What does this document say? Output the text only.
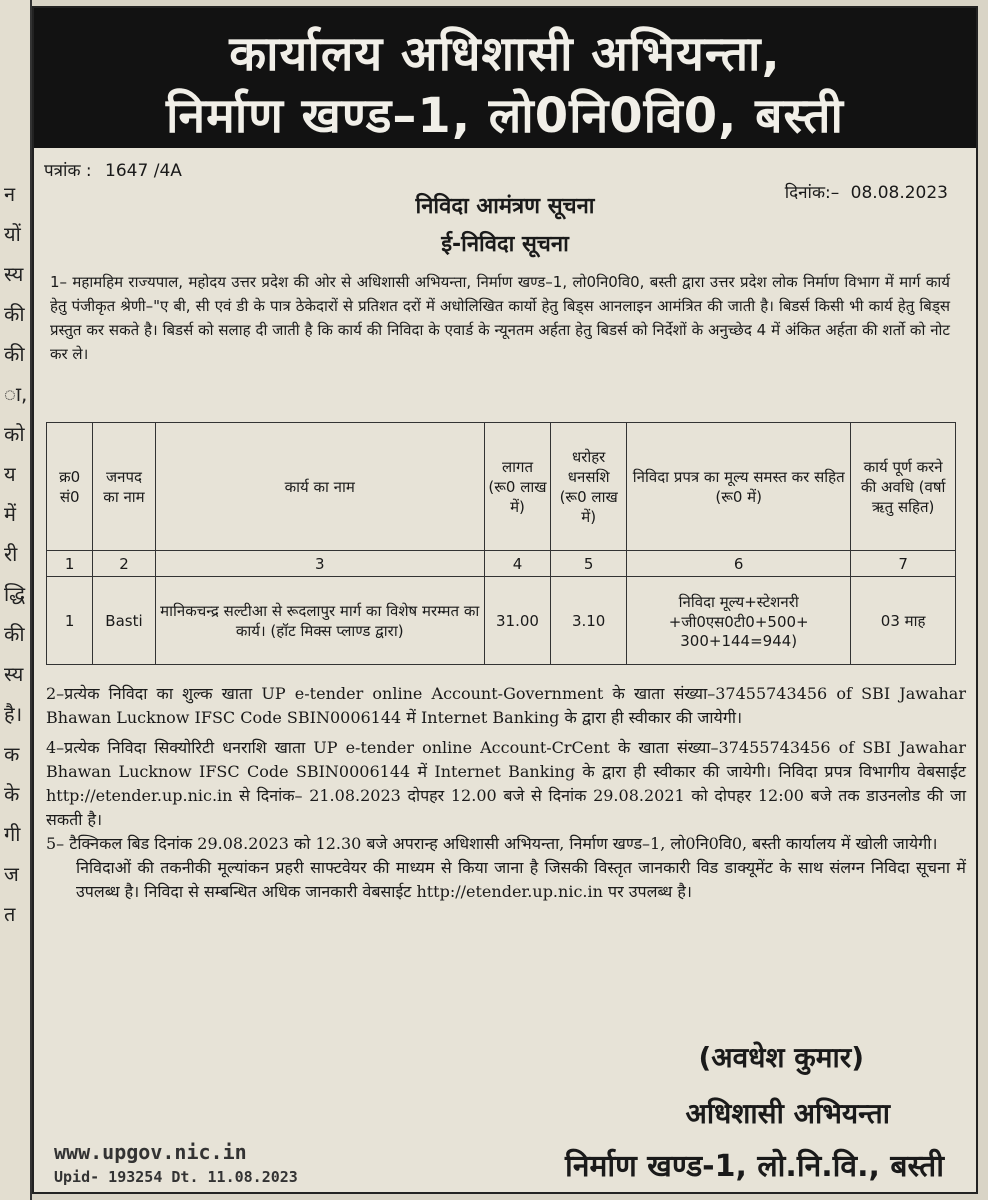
न
यों
स्य
की
की
ा,
को
य
में
री
द्धि
की
स्य
है।
क
के
गी
ज
त
कार्यालय अधिशासी अभियन्ता,
निर्माण खण्ड–1, लो0नि0वि0, बस्ती
पत्रांक : 1647 /4A
दिनांक:– 08.08.2023
निविदा आमंत्रण सूचना
ई-निविदा सूचना

1– महामहिम राज्यपाल, महोदय उत्तर प्रदेश की ओर से अधिशासी अभियन्ता, निर्माण खण्ड–1, लो0नि0वि0, बस्ती द्वारा उत्तर प्रदेश लोक निर्माण विभाग में मार्ग कार्य हेतु पंजीकृत श्रेणी–"ए बी, सी एवं डी के पात्र ठेकेदारों से प्रतिशत दरों में अधोलिखित कार्यो हेतु बिड्स आनलाइन आमंत्रित की जाती है। बिडर्स किसी भी कार्य हेतु बिड्स प्रस्तुत कर सकते है। बिडर्स को सलाह दी जाती है कि कार्य की निविदा के एवार्ड के न्यूनतम अर्हता हेतु बिडर्स को निर्देशों के अनुच्छेद 4 में अंकित अर्हता की शर्तो को नोट कर ले।

क्र0 सं0	जनपद का नाम	कार्य का नाम	लागत (रू0 लाख में)	धरोहर धनसशि (रू0 लाख में)	निविदा प्रपत्र का मूल्य समस्त कर सहित (रू0 में)	कार्य पूर्ण करने की अवधि (वर्षा ऋतु सहित)
1	2	3	4	5	6	7
1	Basti	मानिकचन्द्र सल्टीआ से रूदलापुर मार्ग का विशेष मरम्मत का कार्य। (हॉट मिक्स प्लाण्ड द्वारा)	31.00	3.10	निविदा मूल्य+स्टेशनरी +जी0एस0टी0+500+ 300+144=944)	03 माह

2–प्रत्येक निविदा का शुल्क खाता UP e-tender online Account-Government के खाता संख्या–37455743456 of SBI Jawahar Bhawan Lucknow IFSC Code SBIN0006144 में Internet Banking के द्वारा ही स्वीकार की जायेगी।

4–प्रत्येक निविदा सिक्योरिटी धनराशि खाता UP e-tender online Account-CrCent के खाता संख्या–37455743456 of SBI Jawahar Bhawan Lucknow IFSC Code SBIN0006144 में Internet Banking के द्वारा ही स्वीकार की जायेगी। निविदा प्रपत्र विभागीय वेबसाईट http://etender.up.nic.in से दिनांक– 21.08.2023 दोपहर 12.00 बजे से दिनांक 29.08.2021 को दोपहर 12:00 बजे तक डाउनलोड की जा सकती है।

5– टैक्निकल बिड दिनांक 29.08.2023 को 12.30 बजे अपरान्ह अधिशासी अभियन्ता, निर्माण खण्ड–1, लो0नि0वि0, बस्ती कार्यालय में खोली जायेगी।

निविदाओं की तकनीकी मूल्यांकन प्रहरी साफ्टवेयर की माध्यम से किया जाना है जिसकी विस्तृत जानकारी विड डाक्यूमेंट के साथ संलग्न निविदा सूचना में उपलब्ध है। निविदा से सम्बन्धित अधिक जानकारी वेबसाईट http://etender.up.nic.in पर उपलब्ध है।

(अवधेश कुमार)
अधिशासी अभियन्ता
निर्माण खण्ड-1, लो.नि.वि., बस्ती
www.upgov.nic.in
Upid- 193254 Dt. 11.08.2023
